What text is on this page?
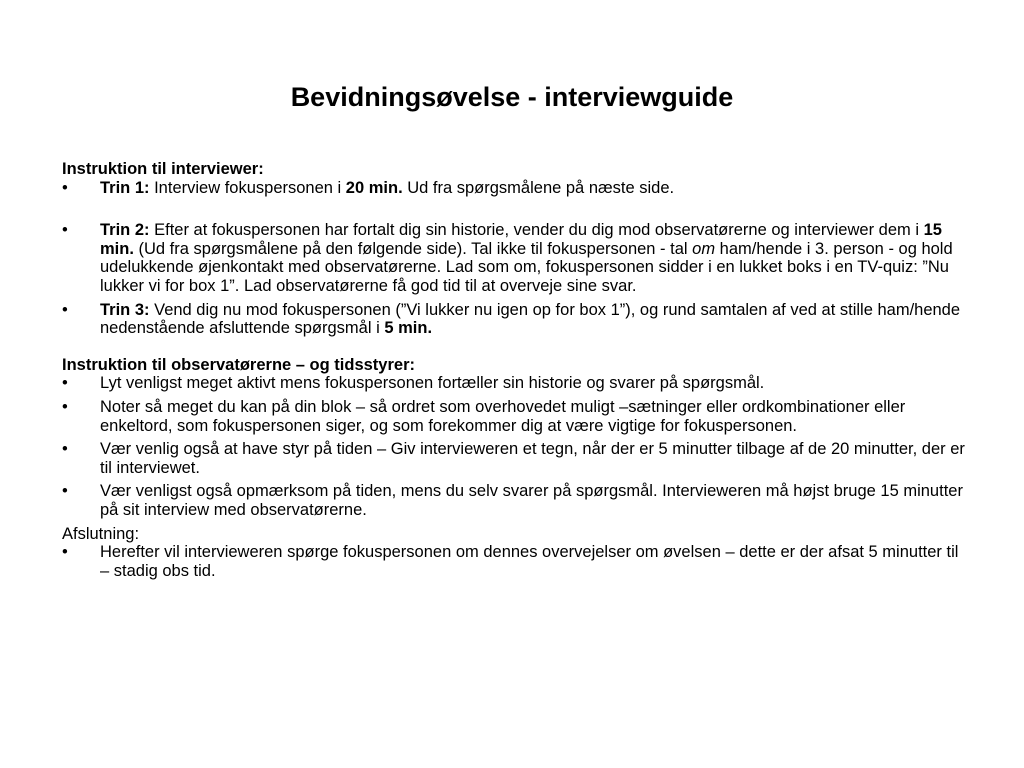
Bevidningsøvelse - interviewguide

Instruktion til interviewer:

• Trin 1: Interview fokuspersonen i 20 min. Ud fra spørgsmålene på næste side.
• Trin 2: Efter at fokuspersonen har fortalt dig sin historie, vender du dig mod observatørerne og interviewer dem i 15 min. (Ud fra spørgsmålene på den følgende side). Tal ikke til fokuspersonen - tal om ham/hende i 3. person - og hold udelukkende øjenkontakt med observatørerne. Lad som om, fokuspersonen sidder i en lukket boks i en TV-quiz: ”Nu lukker vi for box 1”. Lad observatørerne få god tid til at overveje sine svar.
• Trin 3: Vend dig nu mod fokuspersonen (”Vi lukker nu igen op for box 1”), og rund samtalen af ved at stille ham/hende nedenstående afsluttende spørgsmål i 5 min.

Instruktion til observatørerne – og tidsstyrer:

• Lyt venligst meget aktivt mens fokuspersonen fortæller sin historie og svarer på spørgsmål.
• Noter så meget du kan på din blok – så ordret som overhovedet muligt –sætninger eller ordkombinationer eller enkeltord, som fokuspersonen siger, og som forekommer dig at være vigtige for fokuspersonen.
• Vær venlig også at have styr på tiden – Giv intervieweren et tegn, når der er 5 minutter tilbage af de 20 minutter, der er til interviewet.
• Vær venligst også opmærksom på tiden, mens du selv svarer på spørgsmål. Intervieweren må højst bruge 15 minutter på sit interview med observatørerne.

Afslutning:

• Herefter vil intervieweren spørge fokuspersonen om dennes overvejelser om øvelsen – dette er der afsat 5 minutter til – stadig obs tid.
